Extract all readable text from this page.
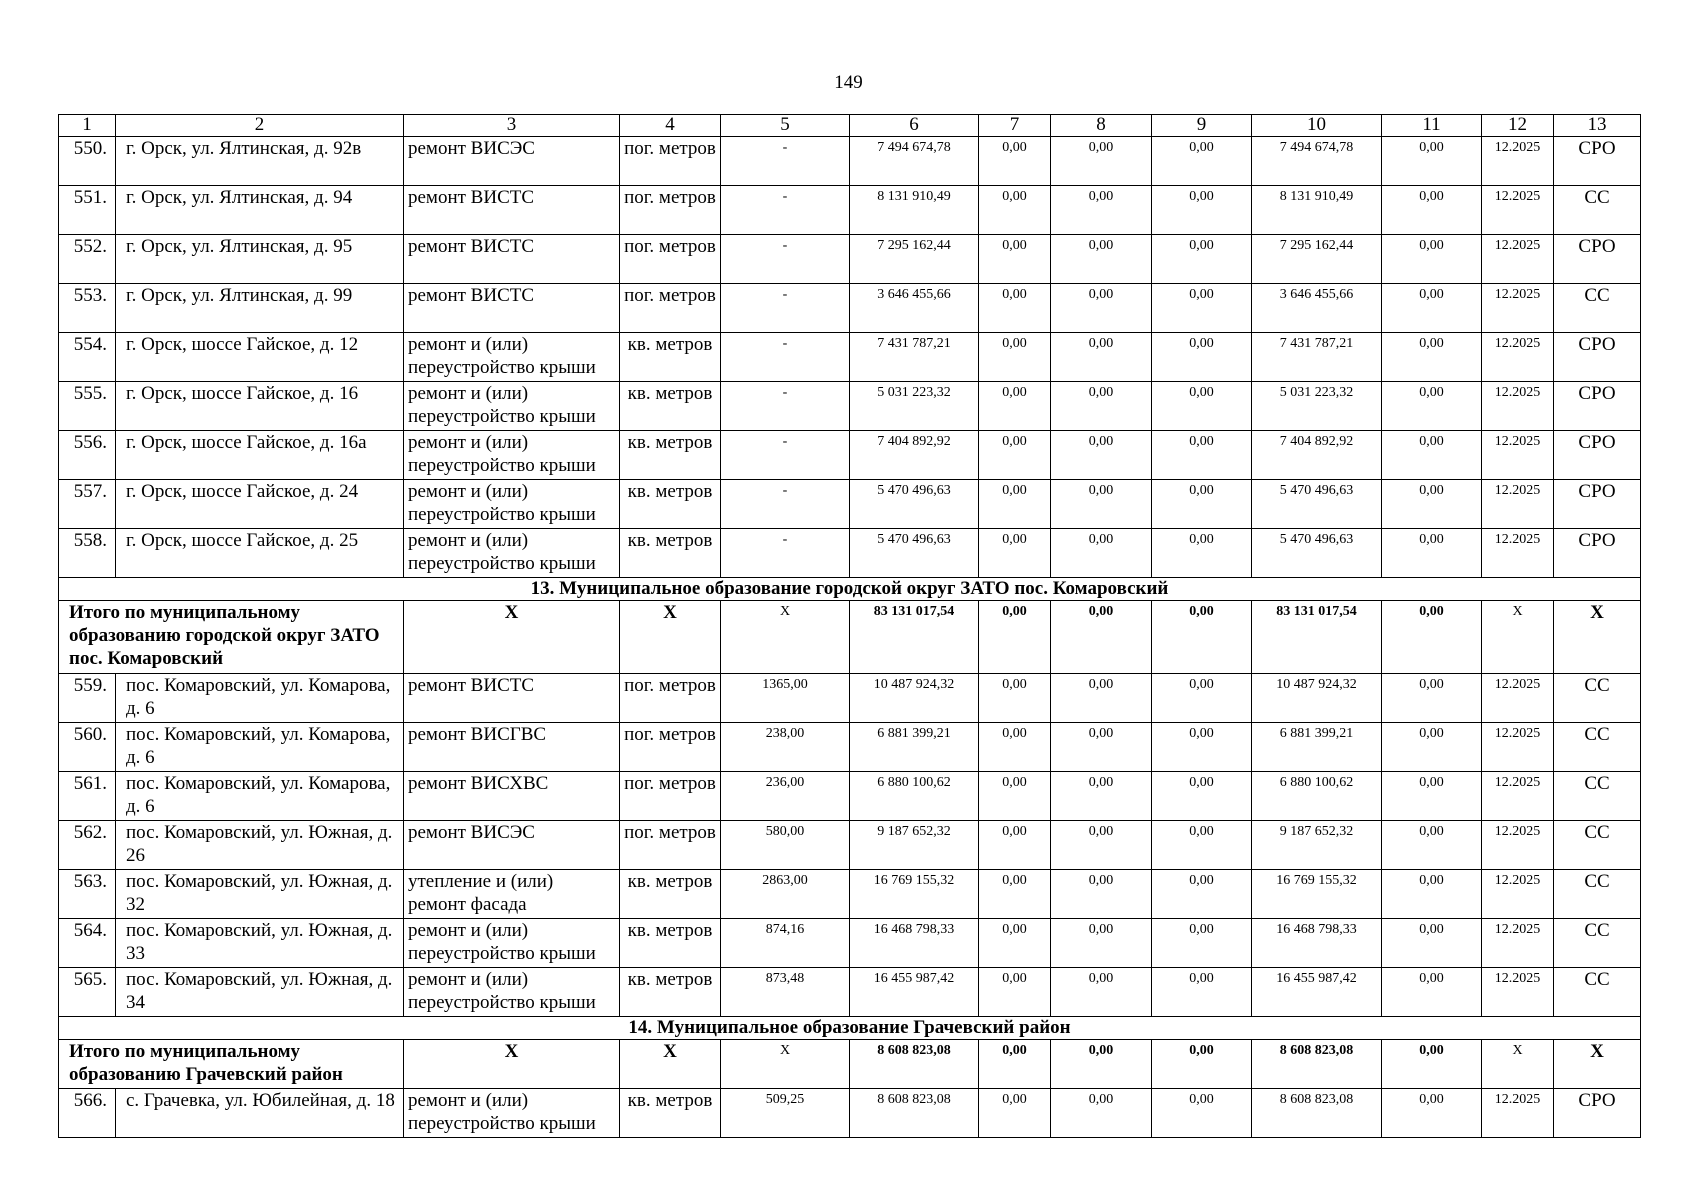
149
1	2	3	4	5	6	7	8	9	10	11	12	13
550.	г. Орск, ул. Ялтинская, д. 92в	ремонт ВИСЭС	пог. метров	-	7 494 674,78	0,00	0,00	0,00	7 494 674,78	0,00	12.2025	СРО
551.	г. Орск, ул. Ялтинская, д. 94	ремонт ВИСТС	пог. метров	-	8 131 910,49	0,00	0,00	0,00	8 131 910,49	0,00	12.2025	СС
552.	г. Орск, ул. Ялтинская, д. 95	ремонт ВИСТС	пог. метров	-	7 295 162,44	0,00	0,00	0,00	7 295 162,44	0,00	12.2025	СРО
553.	г. Орск, ул. Ялтинская, д. 99	ремонт ВИСТС	пог. метров	-	3 646 455,66	0,00	0,00	0,00	3 646 455,66	0,00	12.2025	СС
554.	г. Орск, шоссе Гайское, д. 12	ремонт и (или) переустройство крыши	кв. метров	-	7 431 787,21	0,00	0,00	0,00	7 431 787,21	0,00	12.2025	СРО
555.	г. Орск, шоссе Гайское, д. 16	ремонт и (или) переустройство крыши	кв. метров	-	5 031 223,32	0,00	0,00	0,00	5 031 223,32	0,00	12.2025	СРО
556.	г. Орск, шоссе Гайское, д. 16а	ремонт и (или) переустройство крыши	кв. метров	-	7 404 892,92	0,00	0,00	0,00	7 404 892,92	0,00	12.2025	СРО
557.	г. Орск, шоссе Гайское, д. 24	ремонт и (или) переустройство крыши	кв. метров	-	5 470 496,63	0,00	0,00	0,00	5 470 496,63	0,00	12.2025	СРО
558.	г. Орск, шоссе Гайское, д. 25	ремонт и (или) переустройство крыши	кв. метров	-	5 470 496,63	0,00	0,00	0,00	5 470 496,63	0,00	12.2025	СРО
13. Муниципальное образование городской округ ЗАТО пос. Комаровский												
Итого по муниципальному образованию городской округ ЗАТО пос. Комаровский		Х	Х	Х	83 131 017,54	0,00	0,00	0,00	83 131 017,54	0,00	Х	Х
559.	пос. Комаровский, ул. Комарова, д. 6	ремонт ВИСТС	пог. метров	1365,00	10 487 924,32	0,00	0,00	0,00	10 487 924,32	0,00	12.2025	СС
560.	пос. Комаровский, ул. Комарова, д. 6	ремонт ВИСГВС	пог. метров	238,00	6 881 399,21	0,00	0,00	0,00	6 881 399,21	0,00	12.2025	СС
561.	пос. Комаровский, ул. Комарова, д. 6	ремонт ВИСХВС	пог. метров	236,00	6 880 100,62	0,00	0,00	0,00	6 880 100,62	0,00	12.2025	СС
562.	пос. Комаровский, ул. Южная, д. 26	ремонт ВИСЭС	пог. метров	580,00	9 187 652,32	0,00	0,00	0,00	9 187 652,32	0,00	12.2025	СС
563.	пос. Комаровский, ул. Южная, д. 32	утепление и (или) ремонт фасада	кв. метров	2863,00	16 769 155,32	0,00	0,00	0,00	16 769 155,32	0,00	12.2025	СС
564.	пос. Комаровский, ул. Южная, д. 33	ремонт и (или) переустройство крыши	кв. метров	874,16	16 468 798,33	0,00	0,00	0,00	16 468 798,33	0,00	12.2025	СС
565.	пос. Комаровский, ул. Южная, д. 34	ремонт и (или) переустройство крыши	кв. метров	873,48	16 455 987,42	0,00	0,00	0,00	16 455 987,42	0,00	12.2025	СС
14. Муниципальное образование Грачевский район												
Итого по муниципальному образованию Грачевский район		Х	Х	Х	8 608 823,08	0,00	0,00	0,00	8 608 823,08	0,00	Х	Х
566.	с. Грачевка, ул. Юбилейная, д. 18	ремонт и (или) переустройство крыши	кв. метров	509,25	8 608 823,08	0,00	0,00	0,00	8 608 823,08	0,00	12.2025	СРО
